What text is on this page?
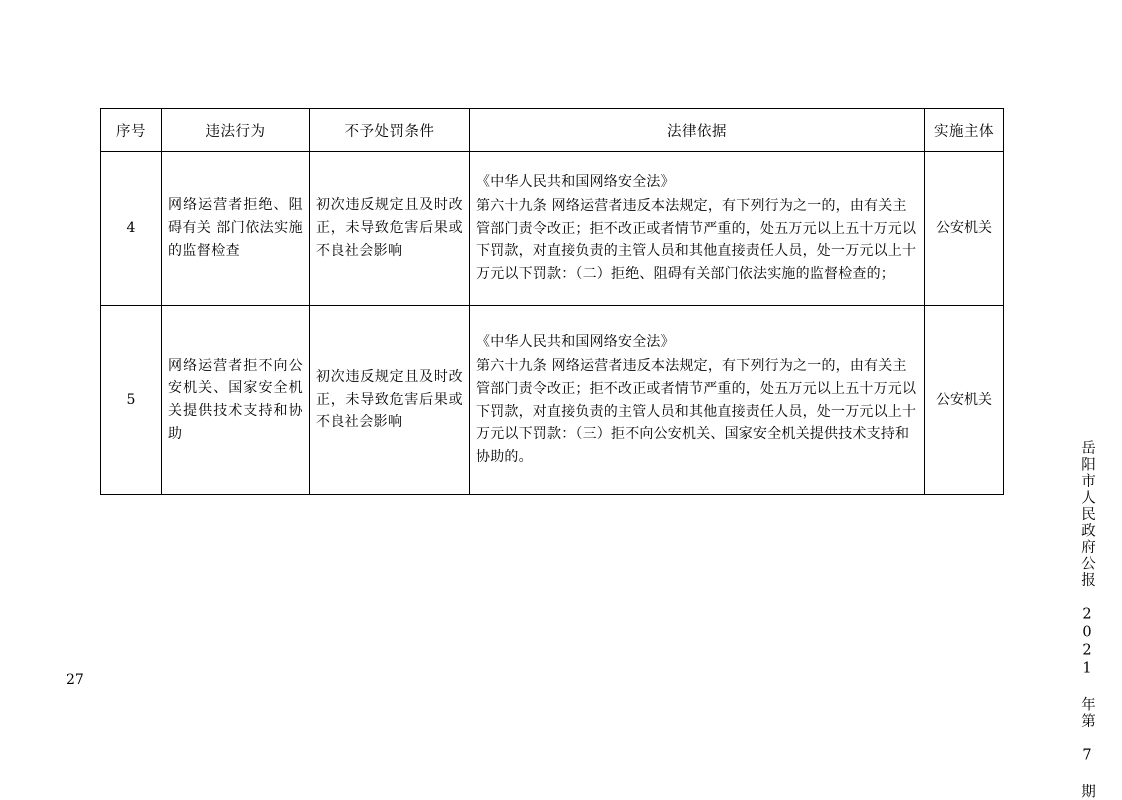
序号	违法行为	不予处罚条件	法律依据	实施主体
4	网络运营者拒绝、阻碍有关 部门依法实施的监督检查	初次违反规定且及时改正，未导致危害后果或不良社会影响	《中华人民共和国网络安全法》
第六十九条 网络运营者违反本法规定，有下列行为之一的，由有关主管部门责令改正；拒不改正或者情节严重的，处五万元以上五十万元以下罚款，对直接负责的主管人员和其他直接责任人员，处一万元以上十万元以下罚款：（二）拒绝、阻碍有关部门依法实施的监督检查的；	公安机关
5	网络运营者拒不向公安机关、国家安全机关提供技术支持和协助	初次违反规定且及时改正，未导致危害后果或不良社会影响	《中华人民共和国网络安全法》
第六十九条 网络运营者违反本法规定，有下列行为之一的，由有关主管部门责令改正；拒不改正或者情节严重的，处五万元以上五十万元以下罚款，对直接负责的主管人员和其他直接责任人员，处一万元以上十万元以下罚款：（三）拒不向公安机关、国家安全机关提供技术支持和协助的。	公安机关
27	岳阳市人民政府公报 2021 年第 7 期
